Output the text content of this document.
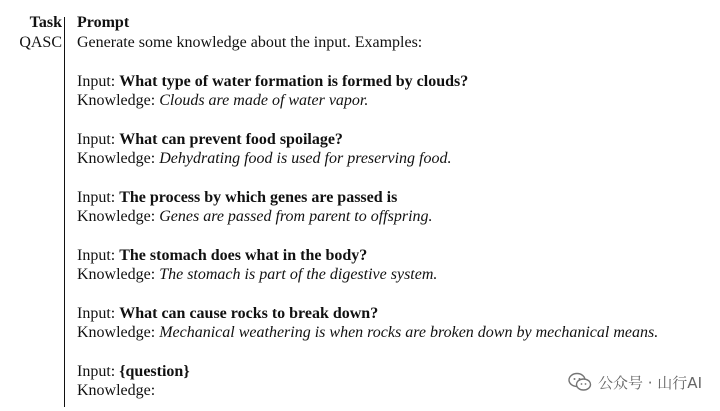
Task
QASC
Prompt
Generate some knowledge about the input. Examples:
Input: What type of water formation is formed by clouds?
Knowledge: Clouds are made of water vapor.
Input: What can prevent food spoilage?
Knowledge: Dehydrating food is used for preserving food.
Input: The process by which genes are passed is
Knowledge: Genes are passed from parent to offspring.
Input: The stomach does what in the body?
Knowledge: The stomach is part of the digestive system.
Input: What can cause rocks to break down?
Knowledge: Mechanical weathering is when rocks are broken down by mechanical means.
Input: {question}
Knowledge:	公众号 · 山行AI
